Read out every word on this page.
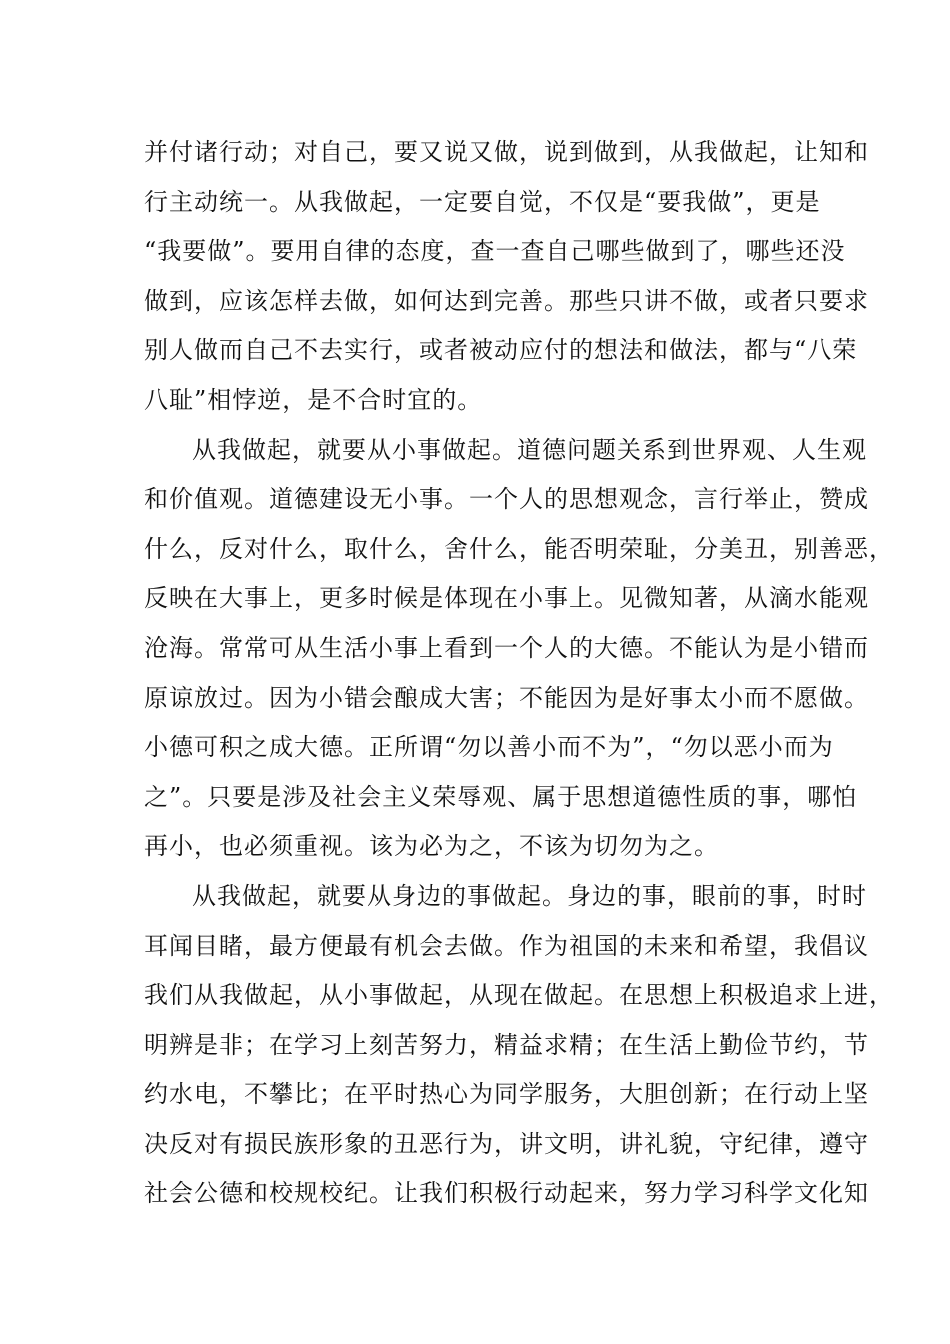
并付诸行动；对自己，要又说又做，说到做到，从我做起，让知和
行主动统一。从我做起，一定要自觉，不仅是“要我做”，更是
“我要做”。要用自律的态度，查一查自己哪些做到了，哪些还没
做到，应该怎样去做，如何达到完善。那些只讲不做，或者只要求
别人做而自己不去实行，或者被动应付的想法和做法，都与“八荣
八耻”相悖逆，是不合时宜的。
从我做起，就要从小事做起。道德问题关系到世界观、人生观
和价值观。道德建设无小事。一个人的思想观念，言行举止，赞成
什么，反对什么，取什么，舍什么，能否明荣耻，分美丑，别善恶，
反映在大事上，更多时候是体现在小事上。见微知著，从滴水能观
沧海。常常可从生活小事上看到一个人的大德。不能认为是小错而
原谅放过。因为小错会酿成大害；不能因为是好事太小而不愿做。
小德可积之成大德。正所谓“勿以善小而不为”，“勿以恶小而为
之”。只要是涉及社会主义荣辱观、属于思想道德性质的事，哪怕
再小，也必须重视。该为必为之，不该为切勿为之。
从我做起，就要从身边的事做起。身边的事，眼前的事，时时
耳闻目睹，最方便最有机会去做。作为祖国的未来和希望，我倡议
我们从我做起，从小事做起，从现在做起。在思想上积极追求上进，
明辨是非；在学习上刻苦努力，精益求精；在生活上勤俭节约，节
约水电，不攀比；在平时热心为同学服务，大胆创新；在行动上坚
决反对有损民族形象的丑恶行为，讲文明，讲礼貌，守纪律，遵守
社会公德和校规校纪。让我们积极行动起来，努力学习科学文化知
